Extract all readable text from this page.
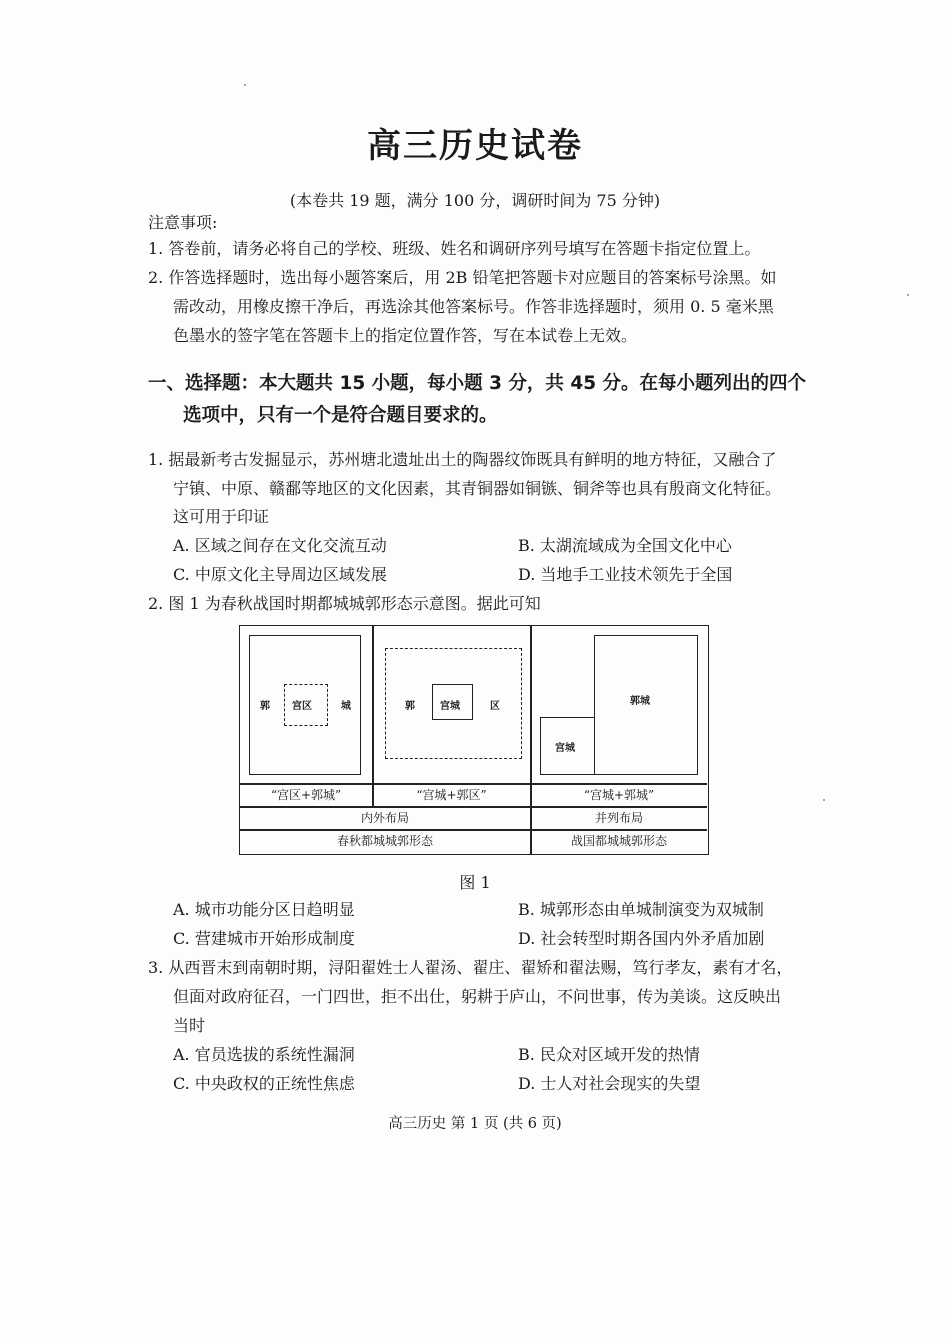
高三历史试卷
(本卷共 19 题，满分 100 分，调研时间为 75 分钟)
注意事项:
1. 答卷前，请务必将自己的学校、班级、姓名和调研序列号填写在答题卡指定位置上。
2. 作答选择题时，选出每小题答案后，用 2B 铅笔把答题卡对应题目的答案标号涂黑。如
需改动，用橡皮擦干净后，再选涂其他答案标号。作答非选择题时，须用 0. 5 毫米黑
色墨水的签字笔在答题卡上的指定位置作答，写在本试卷上无效。
一、选择题：本大题共 15 小题，每小题 3 分，共 45 分。在每小题列出的四个
选项中，只有一个是符合题目要求的。
1. 据最新考古发掘显示，苏州塘北遗址出土的陶器纹饰既具有鲜明的地方特征，又融合了
宁镇、中原、赣鄱等地区的文化因素，其青铜器如铜镞、铜斧等也具有殷商文化特征。
这可用于印证
A. 区域之间存在文化交流互动	B. 太湖流域成为全国文化中心
C. 中原文化主导周边区域发展	D. 当地手工业技术领先于全国
2. 图 1 为春秋战国时期都城城郭形态示意图。据此可知
郭 宫区	城	郭	宫城	区	郭城
宫城
“宫区+郭城”	“宫城+郭区”	“宫城+郭城”
内外布局	并列布局
春秋都城城郭形态	战国都城城郭形态
图 1
A. 城市功能分区日趋明显	B. 城郭形态由单城制演变为双城制
C. 营建城市开始形成制度	D. 社会转型时期各国内外矛盾加剧
3. 从西晋末到南朝时期，浔阳翟姓士人翟汤、翟庄、翟矫和翟法赐，笃行孝友，素有才名，
但面对政府征召，一门四世，拒不出仕，躬耕于庐山，不问世事，传为美谈。这反映出
当时
A. 官员选拔的系统性漏洞	B. 民众对区域开发的热情
C. 中央政权的正统性焦虑	D. 士人对社会现实的失望
高三历史 第 1 页 (共 6 页)
